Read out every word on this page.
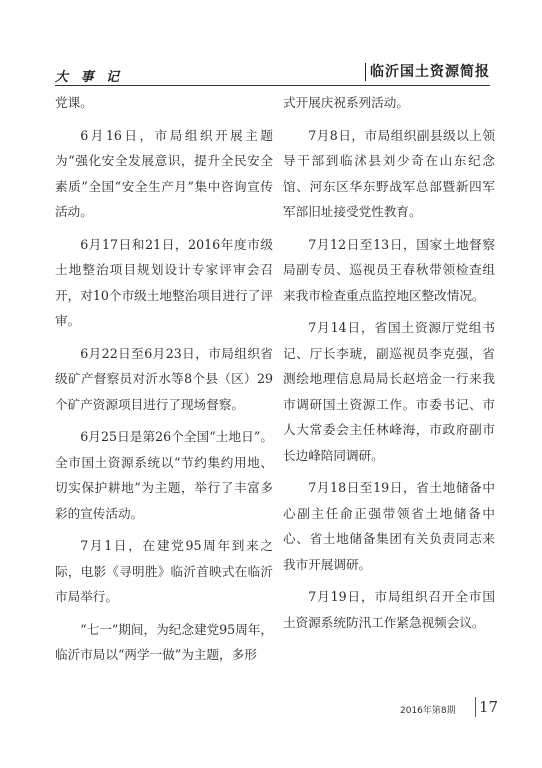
大 事 记	临沂国土资源简报

党课。

6月16日，市局组织开展主题为“强化安全发展意识，提升全民安全素质”全国“安全生产月”集中咨询宣传活动。

6月17日和21日，2016年度市级土地整治项目规划设计专家评审会召开，对10个市级土地整治项目进行了评审。

6月22日至6月23日，市局组织省级矿产督察员对沂水等8个县（区）29个矿产资源项目进行了现场督察。

6月25日是第26个全国“土地日”。全市国土资源系统以“节约集约用地、切实保护耕地”为主题，举行了丰富多彩的宣传活动。

7月1日，在建党95周年到来之际，电影《寻明胜》临沂首映式在临沂市局举行。

“七一”期间，为纪念建党95周年，临沂市局以“两学一做”为主题，多形

式开展庆祝系列活动。

7月8日，市局组织副县级以上领导干部到临沭县刘少奇在山东纪念馆、河东区华东野战军总部暨新四军军部旧址接受党性教育。

7月12日至13日，国家土地督察局副专员、巡视员王春秋带领检查组来我市检查重点监控地区整改情况。

7月14日，省国土资源厅党组书记、厅长李琥，副巡视员李克强，省测绘地理信息局局长赵培金一行来我市调研国土资源工作。市委书记、市人大常委会主任林峰海，市政府副市长边峰陪同调研。

7月18日至19日，省土地储备中心副主任俞正强带领省土地储备中心、省土地储备集团有关负责同志来我市开展调研。

7月19日，市局组织召开全市国土资源系统防汛工作紧急视频会议。

2016年第8期 17
